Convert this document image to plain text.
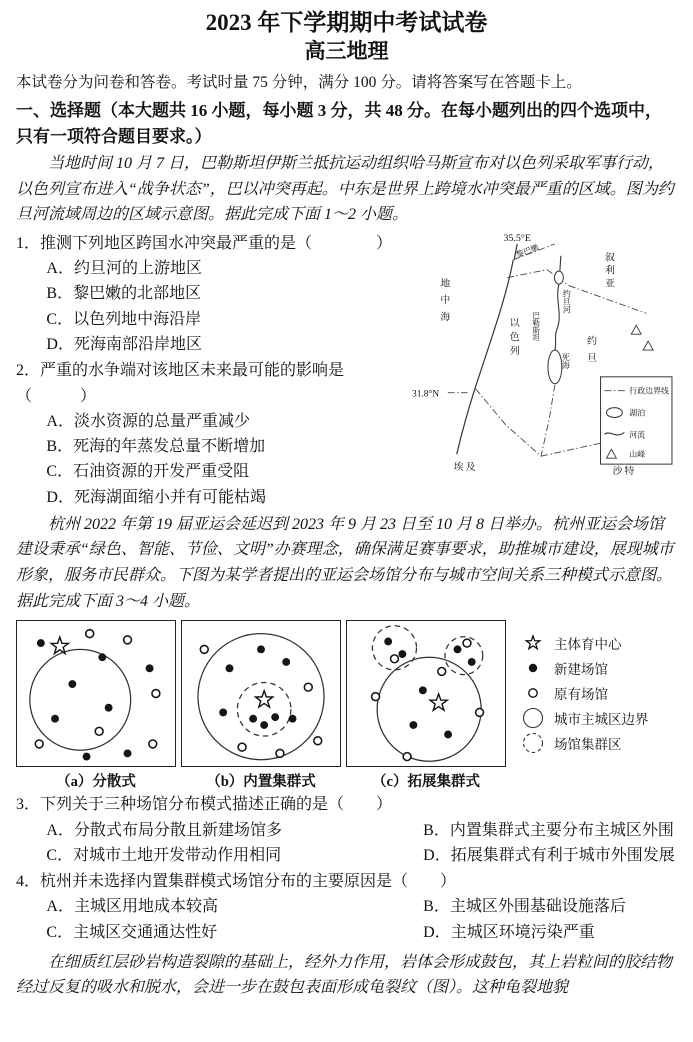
2023 年下学期期中考试试卷
高三地理

本试卷分为问卷和答卷。考试时量 75 分钟，满分 100 分。请将答案写在答题卡上。

一、选择题（本大题共 16 小题，每小题 3 分，共 48 分。在每小题列出的四个选项中，只有一项符合题目要求。）

当地时间 10 月 7 日，巴勒斯坦伊斯兰抵抗运动组织哈马斯宣布对以色列采取军事行动，以色列宣布进入“战争状态”，巴以冲突再起。中东是世界上跨境水冲突最严重的区域。图为约旦河流域周边的区域示意图。据此完成下面 1～2 小题。

1．推测下列地区跨国水冲突最严重的是（　　　　）

A．约旦河的上游地区

B．黎巴嫩的北部地区

C．以色列地中海沿岸

D．死海南部沿岸地区

2．严重的水争端对该地区未来最可能的影响是（　　　）

A．淡水资源的总量严重减少

B．死海的年蒸发总量不断增加

C．石油资源的开发严重受阻

D．死海湖面缩小并有可能枯竭

35.5°E
31.8°N
地中海
黎巴嫩
叙利亚
以色列 巴勒斯坦
约旦河
死海 约旦
埃及	沙特
行政边界线
湖泊
河流
山峰

杭州 2022 年第 19 届亚运会延迟到 2023 年 9 月 23 日至 10 月 8 日举办。杭州亚运会场馆建设秉承“绿色、智能、节俭、文明”办赛理念，确保满足赛事要求，助推城市建设，展现城市形象，服务市民群众。下图为某学者提出的亚运会场馆分布与城市空间关系三种模式示意图。据此完成下面 3～4 小题。

（a）分散式	（b）内置集群式	（c）拓展集群式
主体育中心
新建场馆
原有场馆
城市主城区边界
场馆集群区

3．下列关于三种场馆分布模式描述正确的是（　　）

A．分散式布局分散且新建场馆多	B．内置集群式主要分布主城区外围

C．对城市土地开发带动作用相同	D．拓展集群式有利于城市外围发展

4．杭州并未选择内置集群模式场馆分布的主要原因是（　　）

A．主城区用地成本较高	B．主城区外围基础设施落后

C．主城区交通通达性好	D．主城区环境污染严重

在细质红层砂岩构造裂隙的基础上，经外力作用，岩体会形成鼓包，其上岩粒间的胶结物经过反复的吸水和脱水，会进一步在鼓包表面形成龟裂纹（图）。这种龟裂地貌
